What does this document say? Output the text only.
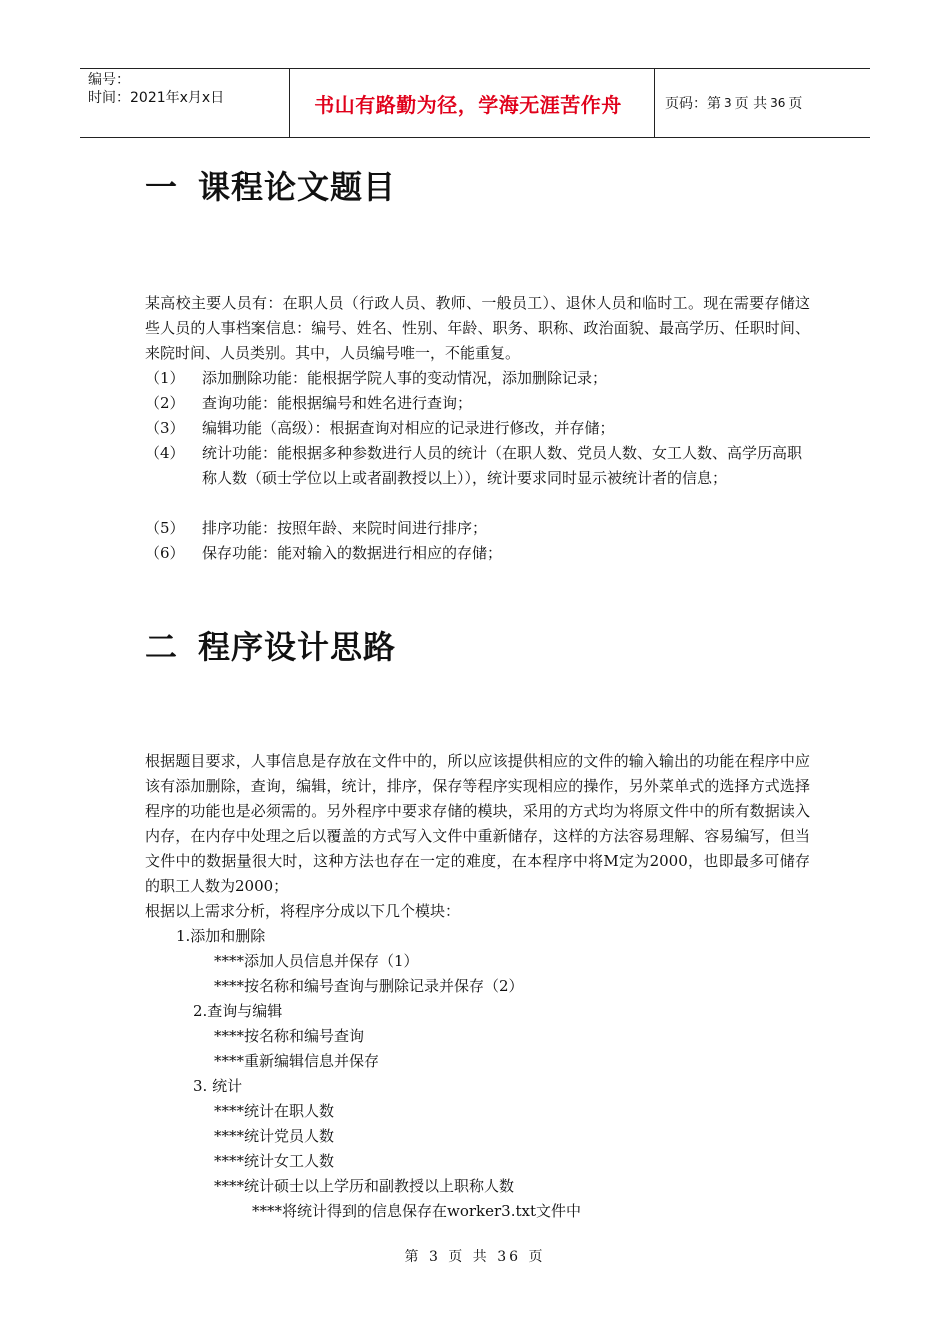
编号：
时间：2021年x月x日	书山有路勤为径，学海无涯苦作舟	页码：第 3 页 共 36 页
一 课程论文题目

某高校主要人员有：在职人员（行政人员、教师、一般员工）、退休人员和临时工。现在需要存储这些人员的人事档案信息：编号、姓名、性别、年龄、职务、职称、政治面貌、最高学历、任职时间、来院时间、人员类别。其中，人员编号唯一，不能重复。

（1）	添加删除功能：能根据学院人事的变动情况，添加删除记录；
（2）	查询功能：能根据编号和姓名进行查询；
（3）	编辑功能（高级）：根据查询对相应的记录进行修改，并存储；
（4）	统计功能：能根据多种参数进行人员的统计（在职人数、党员人数、女工人数、高学历高职称人数（硕士学位以上或者副教授以上）），统计要求同时显示被统计者的信息；
（5）	排序功能：按照年龄、来院时间进行排序；
（6）	保存功能：能对输入的数据进行相应的存储；
二 程序设计思路

根据题目要求，人事信息是存放在文件中的，所以应该提供相应的文件的输入输出的功能在程序中应该有添加删除，查询，编辑，统计，排序，保存等程序实现相应的操作，另外菜单式的选择方式选择程序的功能也是必须需的。另外程序中要求存储的模块，采用的方式均为将原文件中的所有数据读入内存，在内存中处理之后以覆盖的方式写入文件中重新储存，这样的方法容易理解、容易编写，但当文件中的数据量很大时，这种方法也存在一定的难度，在本程序中将M定为2000，也即最多可储存的职工人数为2000；

根据以上需求分析，将程序分成以下几个模块：

1.添加和删除
****添加人员信息并保存（1）
****按名称和编号查询与删除记录并保存（2）
2.查询与编辑
****按名称和编号查询
****重新编辑信息并保存
3. 统计
****统计在职人数
****统计党员人数
****统计女工人数
****统计硕士以上学历和副教授以上职称人数
****将统计得到的信息保存在worker3.txt文件中
第 3 页 共 36 页
